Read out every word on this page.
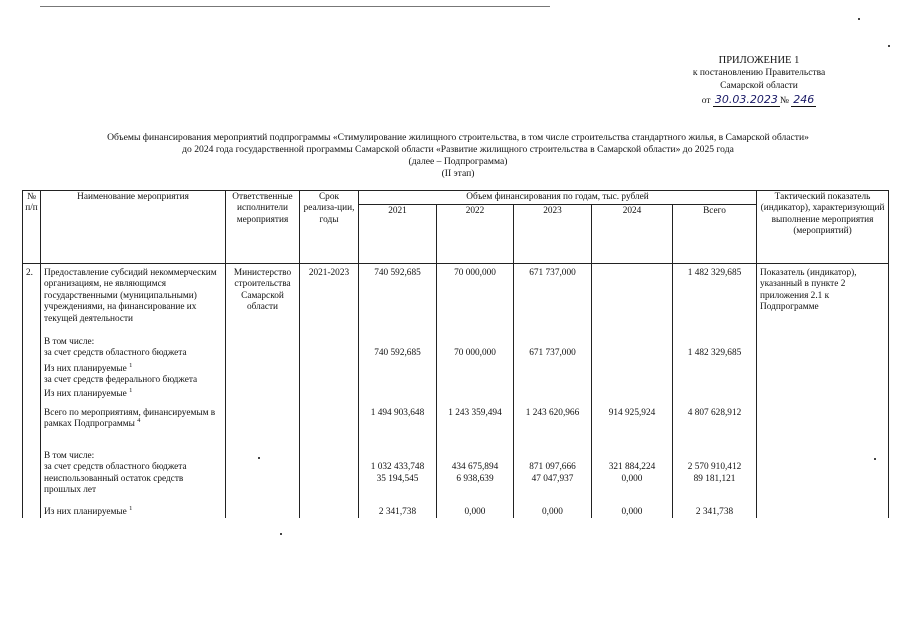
ПРИЛОЖЕНИЕ 1
к постановлению Правительства
Самарской области
от 30.03.2023 № 246
Объемы финансирования мероприятий подпрограммы «Стимулирование жилищного строительства, в том числе строительства стандартного жилья, в Самарской области»
до 2024 года государственной программы Самарской области «Развитие жилищного строительства в Самарской области» до 2025 года
(далее – Подпрограмма)
(II этап)
№ п/п	Наименование мероприятия	Ответственные исполнители мероприятия	Срок реализа-ции, годы	Объем финансирования по годам, тыс. рублей					Тактический показатель (индикатор), характеризующий выполнение мероприятия (мероприятий)
				2021	2022	2023	2024	Всего	
2.	Предоставление субсидий некоммерческим организациям, не являющимся государственными (муниципальными) учреждениями, на финансирование их текущей деятельности	Министерство строительства Самарской области	2021-2023	740 592,685	70 000,000	671 737,000		1 482 329,685	Показатель (индикатор), указанный в пункте 2 приложения 2.1 к Подпрограмме
	В том числе:								
	за счет средств областного бюджета			740 592,685	70 000,000	671 737,000		1 482 329,685	
	Из них планируемые $^1$								
	за счет средств федерального бюджета								
	Из них планируемые $^1$								
	Всего по мероприятиям, финансируемым в рамках Подпрограммы $^4$			1 494 903,648	1 243 359,494	1 243 620,966	914 925,924	4 807 628,912	
	В том числе:								
	за счет средств областного бюджета			1 032 433,748	434 675,894	871 097,666	321 884,224	2 570 910,412	
	неиспользованный остаток средств прошлых лет			35 194,545	6 938,639	47 047,937	0,000	89 181,121	
	Из них планируемые $^1$			2 341,738	0,000	0,000	0,000	2 341,738	
